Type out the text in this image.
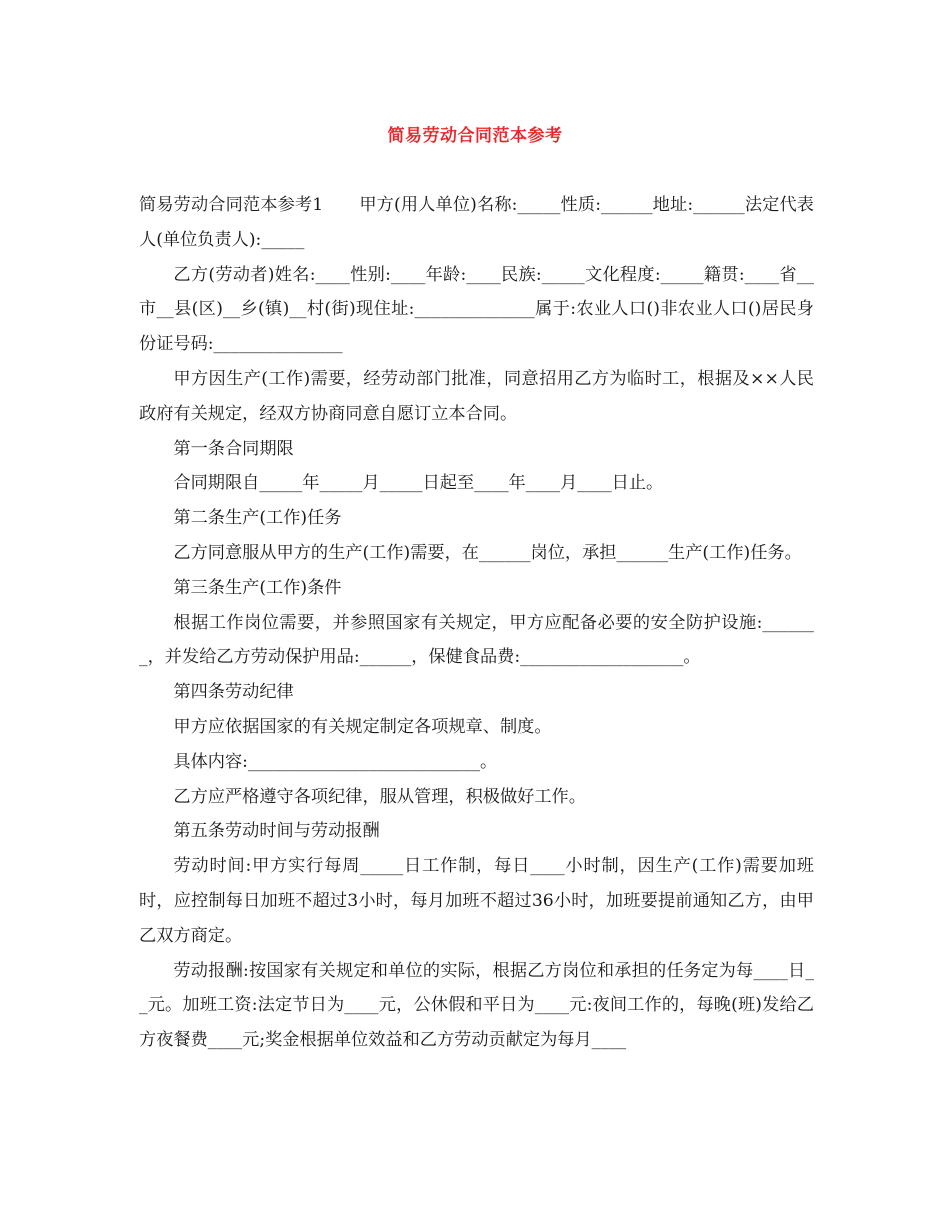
简易劳动合同范本参考

简易劳动合同范本参考1 甲方(用人单位)名称:_____性质:______地址:______法定代表人(单位负责人):_____

乙方(劳动者)姓名:____性别:____年龄:____民族:_____文化程度:_____籍贯:____省__市__县(区)__乡(镇)__村(街)现住址:______________属于:农业人口()非农业人口()居民身份证号码:_______________

甲方因生产(工作)需要，经劳动部门批准，同意招用乙方为临时工，根据及××人民政府有关规定，经双方协商同意自愿订立本合同。

第一条合同期限

合同期限自_____年_____月_____日起至____年____月____日止。

第二条生产(工作)任务

乙方同意服从甲方的生产(工作)需要，在______岗位，承担______生产(工作)任务。

第三条生产(工作)条件

根据工作岗位需要，并参照国家有关规定，甲方应配备必要的安全防护设施:_______，并发给乙方劳动保护用品:______，保健食品费:___________________。

第四条劳动纪律

甲方应依据国家的有关规定制定各项规章、制度。

具体内容:___________________________。

乙方应严格遵守各项纪律，服从管理，积极做好工作。

第五条劳动时间与劳动报酬

劳动时间:甲方实行每周_____日工作制，每日____小时制，因生产(工作)需要加班时，应控制每日加班不超过3小时，每月加班不超过36小时，加班要提前通知乙方，由甲乙双方商定。

劳动报酬:按国家有关规定和单位的实际，根据乙方岗位和承担的任务定为每____日__元。加班工资:法定节日为____元，公休假和平日为____元:夜间工作的，每晚(班)发给乙方夜餐费____元;奖金根据单位效益和乙方劳动贡献定为每月____
